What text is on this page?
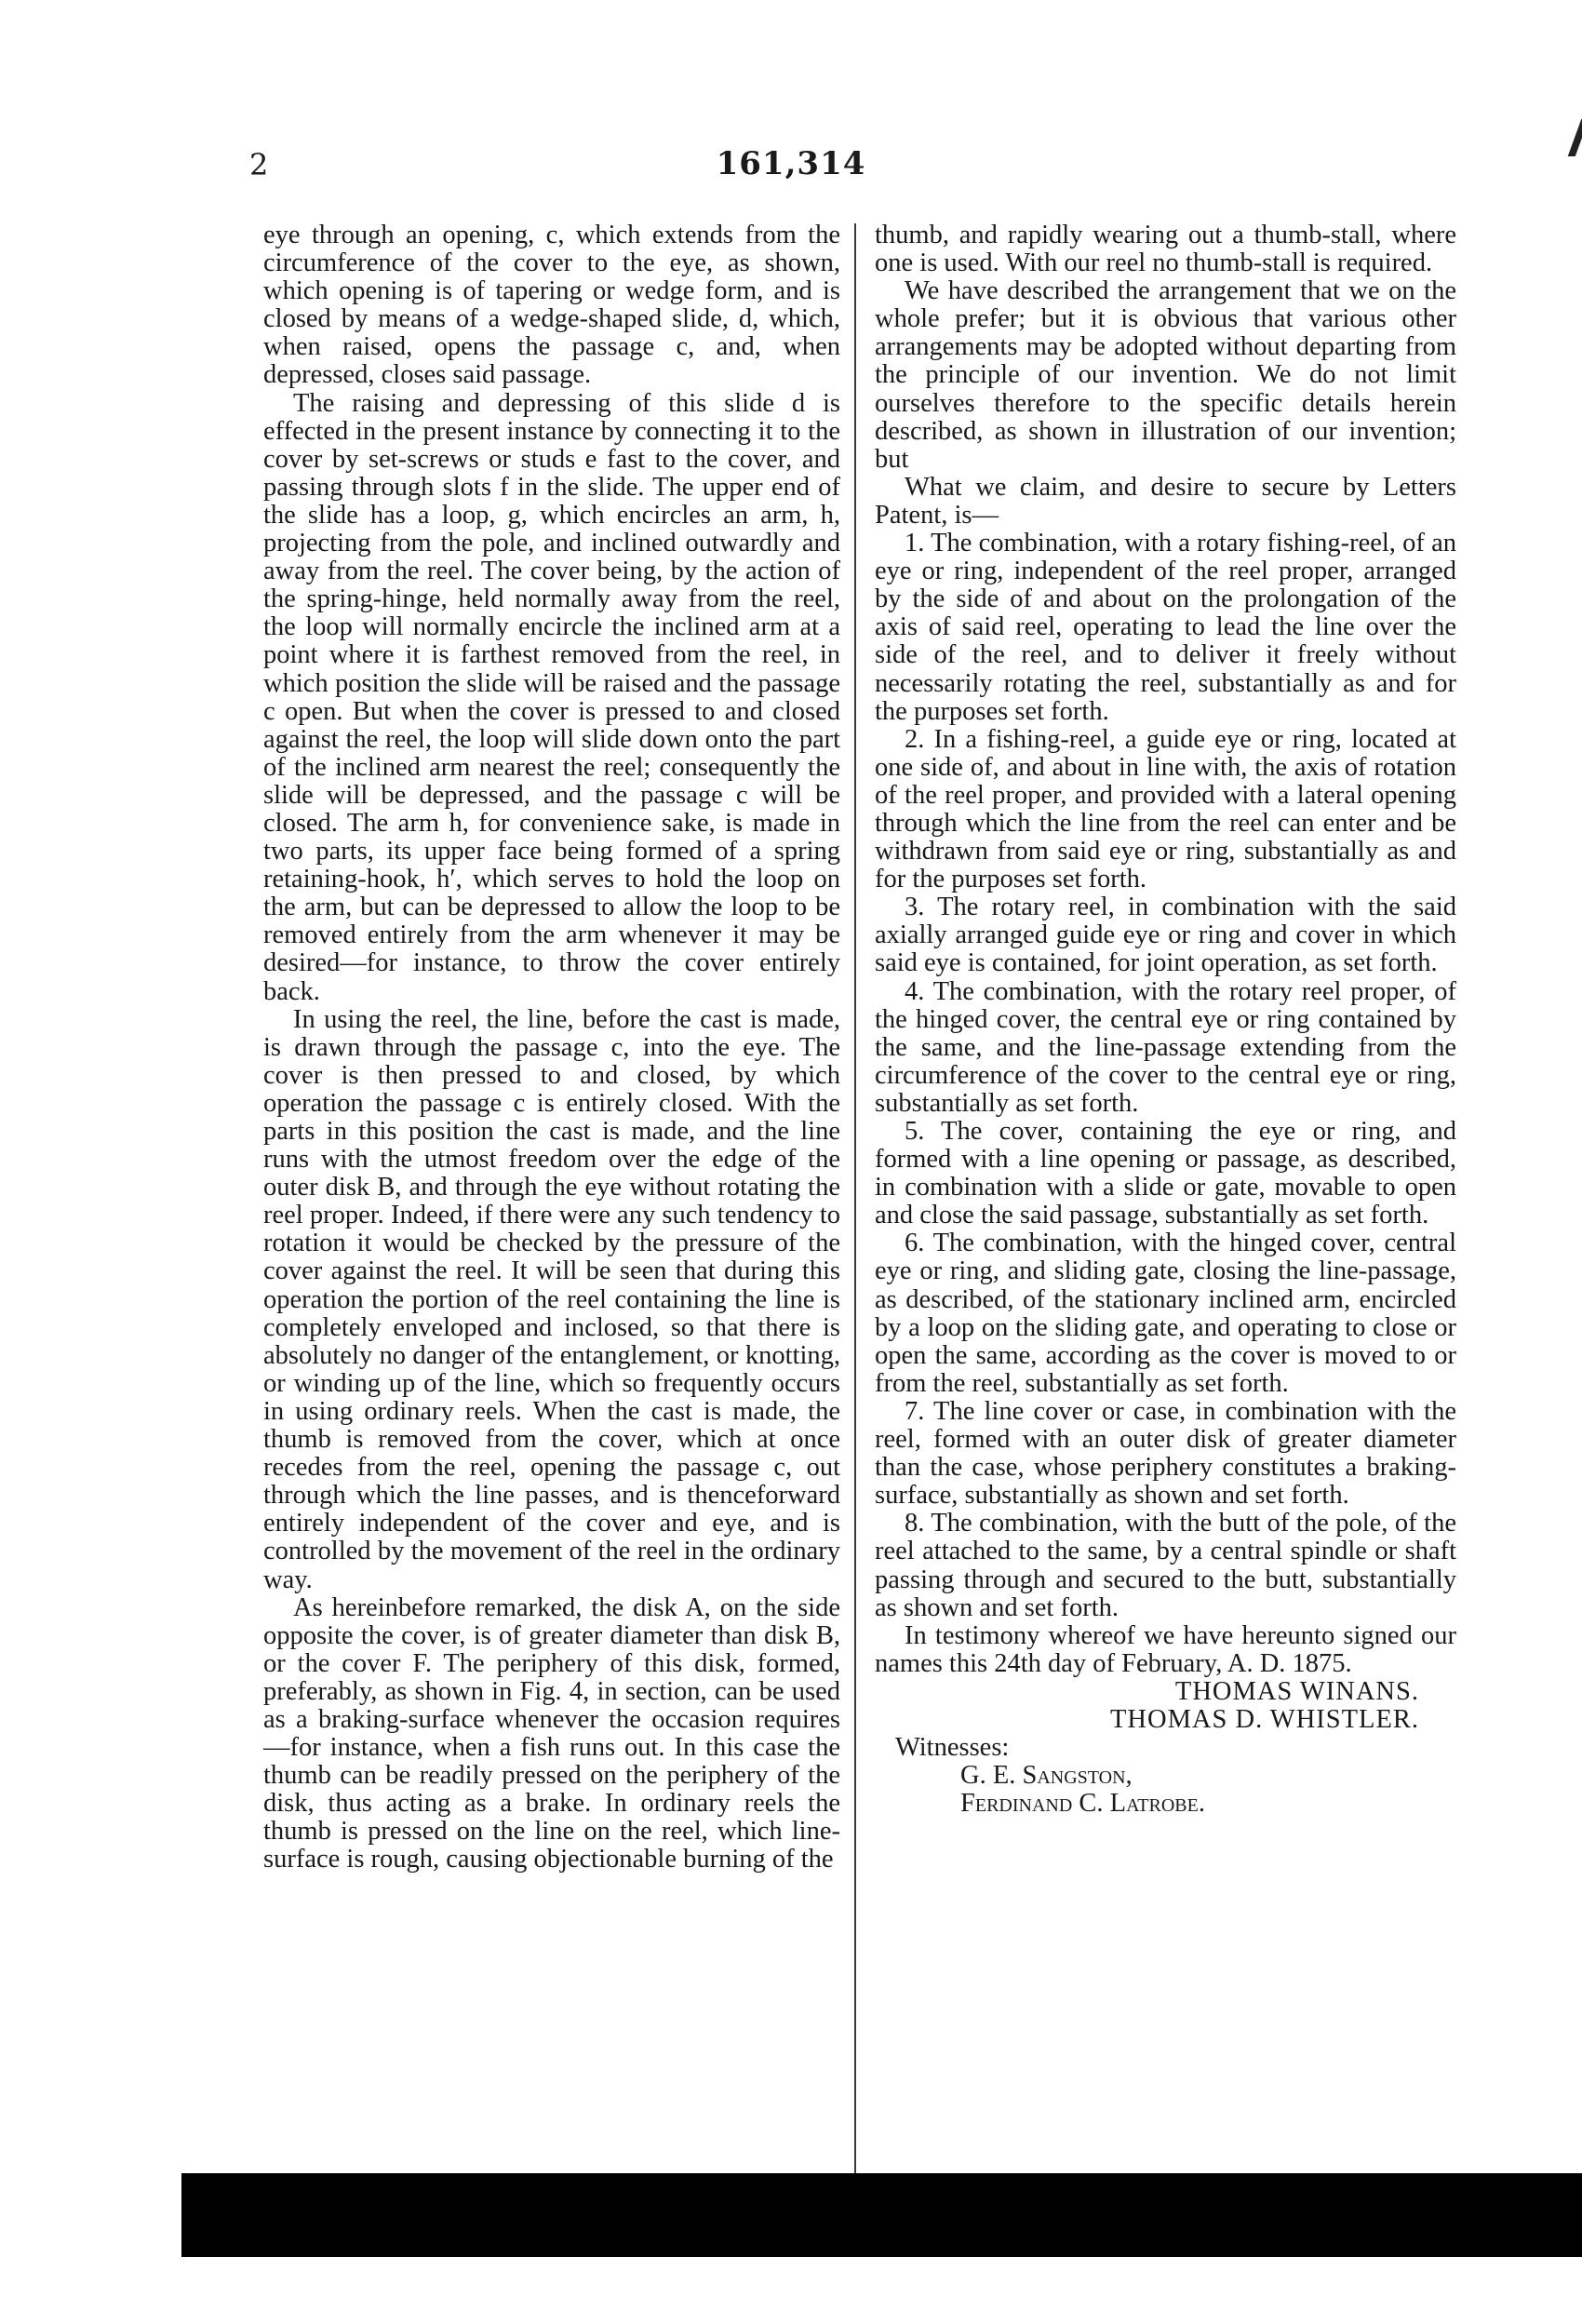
2	161,314

eye through an opening, c, which extends from the circumference of the cover to the eye, as shown, which opening is of tapering or wedge form, and is closed by means of a wedge-shaped slide, d, which, when raised, opens the passage c, and, when depressed, closes said passage.

The raising and depressing of this slide d is effected in the present instance by connecting it to the cover by set-screws or studs e fast to the cover, and passing through slots f in the slide. The upper end of the slide has a loop, g, which encircles an arm, h, projecting from the pole, and inclined outwardly and away from the reel. The cover being, by the action of the spring-hinge, held normally away from the reel, the loop will normally encircle the inclined arm at a point where it is farthest removed from the reel, in which position the slide will be raised and the passage c open. But when the cover is pressed to and closed against the reel, the loop will slide down onto the part of the inclined arm nearest the reel; consequently the slide will be depressed, and the passage c will be closed. The arm h, for convenience sake, is made in two parts, its upper face being formed of a spring retaining-hook, h′, which serves to hold the loop on the arm, but can be depressed to allow the loop to be removed entirely from the arm whenever it may be desired—for instance, to throw the cover entirely back.

In using the reel, the line, before the cast is made, is drawn through the passage c, into the eye. The cover is then pressed to and closed, by which operation the passage c is entirely closed. With the parts in this position the cast is made, and the line runs with the utmost freedom over the edge of the outer disk B, and through the eye without rotating the reel proper. Indeed, if there were any such tendency to rotation it would be checked by the pressure of the cover against the reel. It will be seen that during this operation the portion of the reel containing the line is completely enveloped and inclosed, so that there is absolutely no danger of the entanglement, or knotting, or winding up of the line, which so frequently occurs in using ordinary reels. When the cast is made, the thumb is removed from the cover, which at once recedes from the reel, opening the passage c, out through which the line passes, and is thenceforward entirely independent of the cover and eye, and is controlled by the movement of the reel in the ordinary way.

As hereinbefore remarked, the disk A, on the side opposite the cover, is of greater diameter than disk B, or the cover F. The periphery of this disk, formed, preferably, as shown in Fig. 4, in section, can be used as a braking-surface whenever the occasion requires—for instance, when a fish runs out. In this case the thumb can be readily pressed on the periphery of the disk, thus acting as a brake. In ordinary reels the thumb is pressed on the line on the reel, which line-surface is rough, causing objectionable burning of the

thumb, and rapidly wearing out a thumb-stall, where one is used. With our reel no thumb-stall is required.

We have described the arrangement that we on the whole prefer; but it is obvious that various other arrangements may be adopted without departing from the principle of our invention. We do not limit ourselves therefore to the specific details herein described, as shown in illustration of our invention; but

What we claim, and desire to secure by Letters Patent, is—

1. The combination, with a rotary fishing-reel, of an eye or ring, independent of the reel proper, arranged by the side of and about on the prolongation of the axis of said reel, operating to lead the line over the side of the reel, and to deliver it freely without necessarily rotating the reel, substantially as and for the purposes set forth.

2. In a fishing-reel, a guide eye or ring, located at one side of, and about in line with, the axis of rotation of the reel proper, and provided with a lateral opening through which the line from the reel can enter and be withdrawn from said eye or ring, substantially as and for the purposes set forth.

3. The rotary reel, in combination with the said axially arranged guide eye or ring and cover in which said eye is contained, for joint operation, as set forth.

4. The combination, with the rotary reel proper, of the hinged cover, the central eye or ring contained by the same, and the line-passage extending from the circumference of the cover to the central eye or ring, substantially as set forth.

5. The cover, containing the eye or ring, and formed with a line opening or passage, as described, in combination with a slide or gate, movable to open and close the said passage, substantially as set forth.

6. The combination, with the hinged cover, central eye or ring, and sliding gate, closing the line-passage, as described, of the stationary inclined arm, encircled by a loop on the sliding gate, and operating to close or open the same, according as the cover is moved to or from the reel, substantially as set forth.

7. The line cover or case, in combination with the reel, formed with an outer disk of greater diameter than the case, whose periphery constitutes a braking-surface, substantially as shown and set forth.

8. The combination, with the butt of the pole, of the reel attached to the same, by a central spindle or shaft passing through and secured to the butt, substantially as shown and set forth.

In testimony whereof we have hereunto signed our names this 24th day of February, A. D. 1875.

THOMAS WINANS.

THOMAS D. WHISTLER.

Witnesses:

G. E. Sangston,

Ferdinand C. Latrobe.
